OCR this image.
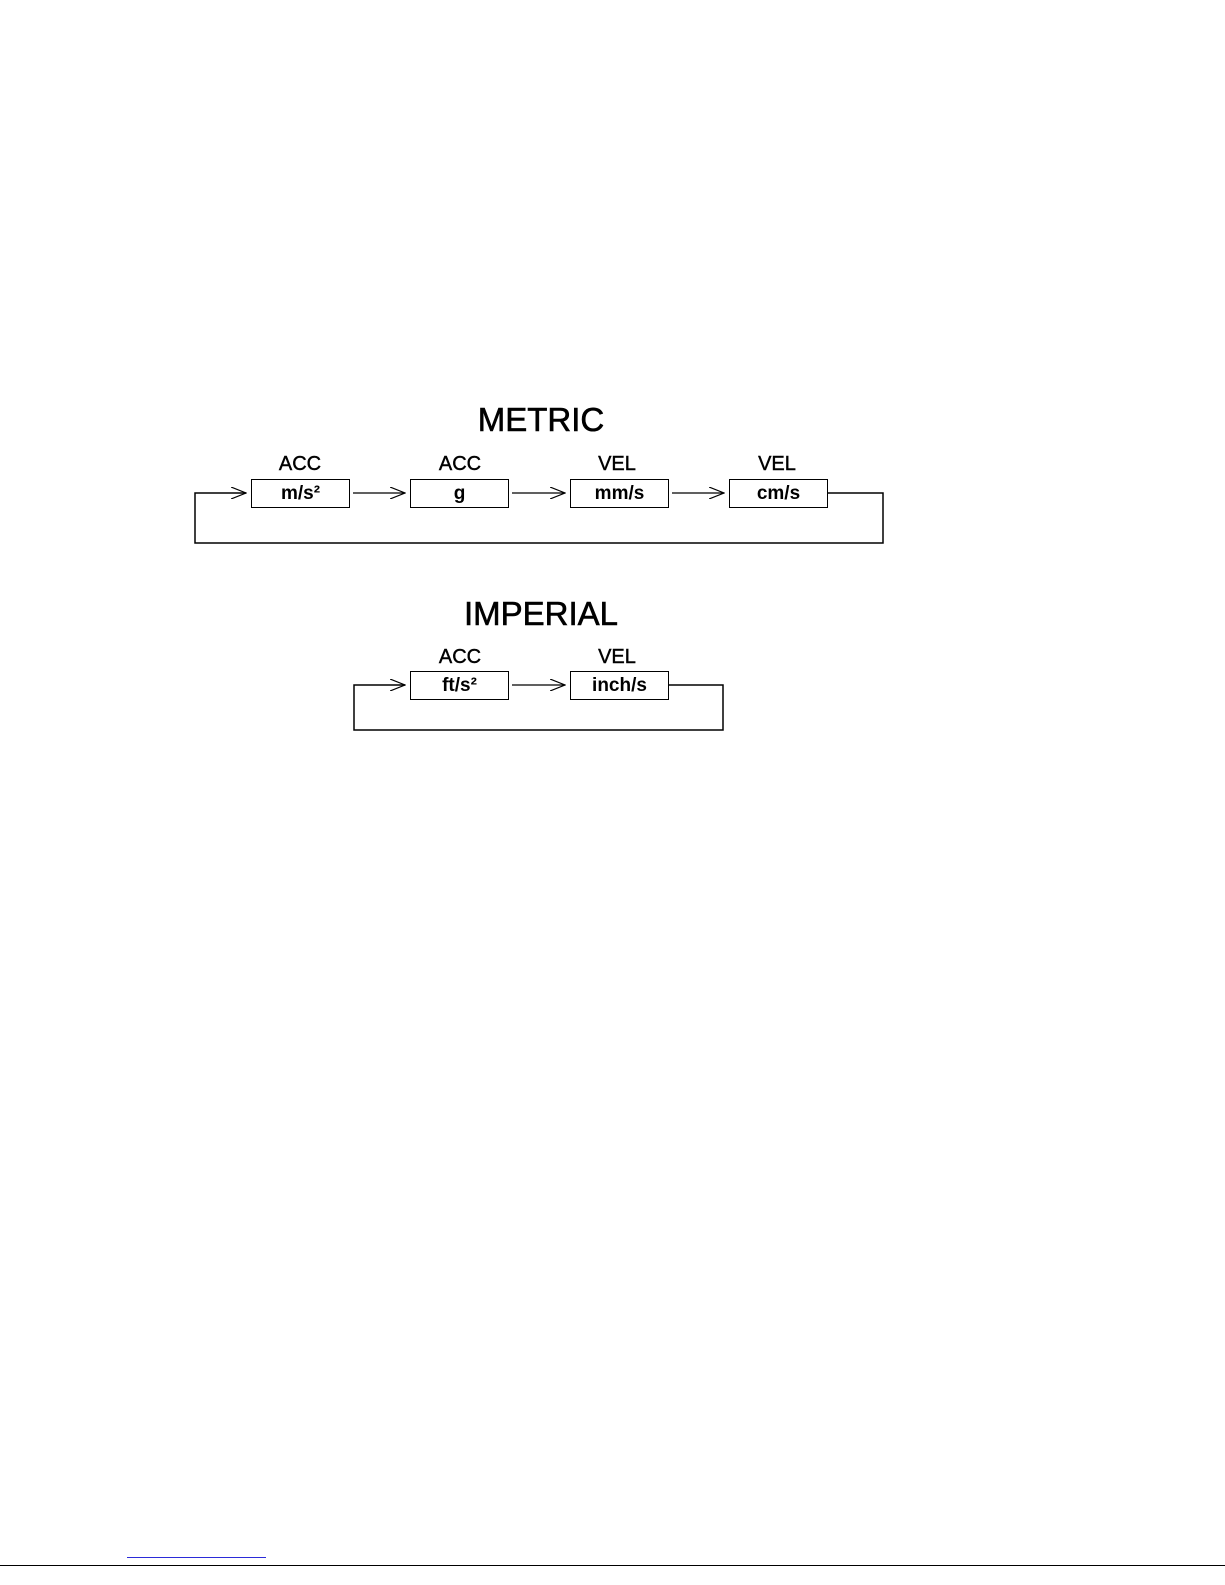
METRIC
ACC	ACC	VEL	VEL
m/s²	g	mm/s	cm/s
IMPERIAL
ACC	VEL
ft/s²	inch/s
